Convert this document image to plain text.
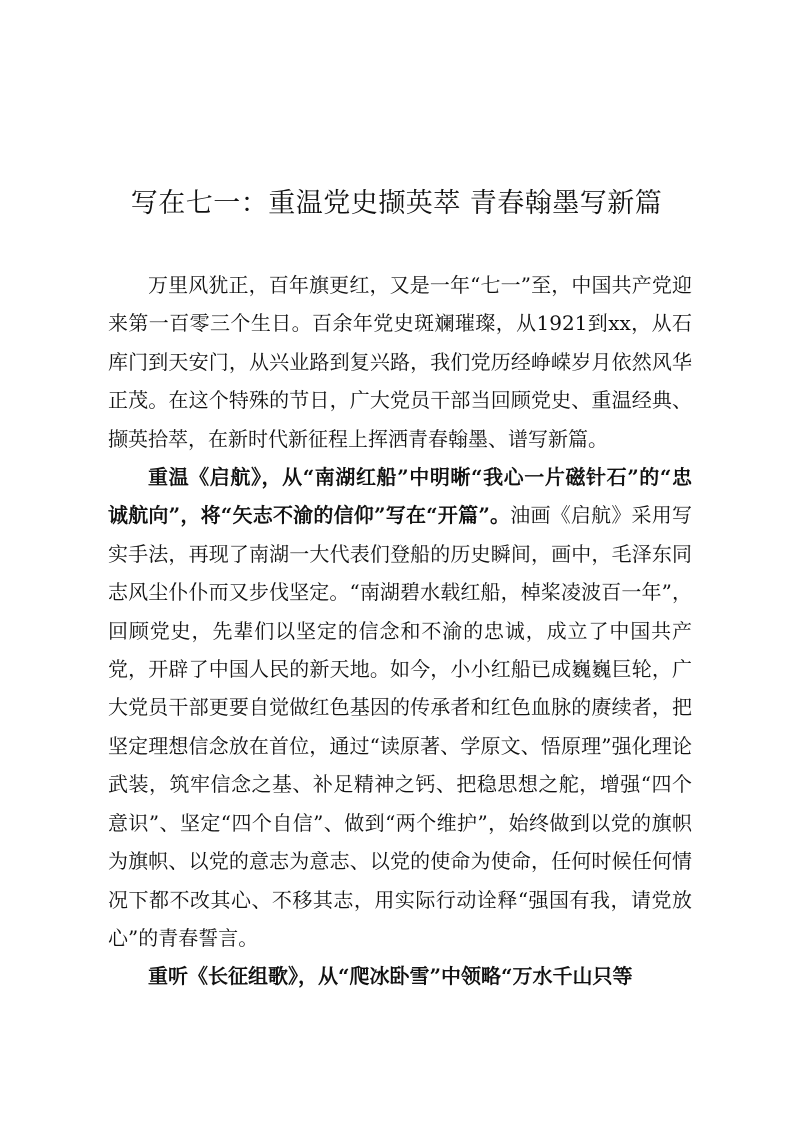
写在七一：重温党史撷英萃 青春翰墨写新篇

万里风犹正，百年旗更红，又是一年“七一”至，中国共产党迎来第一百零三个生日。百余年党史斑斓璀璨，从1921到xx，从石库门到天安门，从兴业路到复兴路，我们党历经峥嵘岁月依然风华正茂。在这个特殊的节日，广大党员干部当回顾党史、重温经典、撷英拾萃，在新时代新征程上挥洒青春翰墨、谱写新篇。

重温《启航》，从“南湖红船”中明晰“我心一片磁针石”的“忠诚航向”，将“矢志不渝的信仰”写在“开篇”。油画《启航》采用写实手法，再现了南湖一大代表们登船的历史瞬间，画中，毛泽东同志风尘仆仆而又步伐坚定。“南湖碧水载红船，棹桨凌波百一年”，回顾党史，先辈们以坚定的信念和不渝的忠诚，成立了中国共产党，开辟了中国人民的新天地。如今，小小红船已成巍巍巨轮，广大党员干部更要自觉做红色基因的传承者和红色血脉的赓续者，把坚定理想信念放在首位，通过“读原著、学原文、悟原理”强化理论武装，筑牢信念之基、补足精神之钙、把稳思想之舵，增强“四个意识”、坚定“四个自信”、做到“两个维护”，始终做到以党的旗帜为旗帜、以党的意志为意志、以党的使命为使命，任何时候任何情况下都不改其心、不移其志，用实际行动诠释“强国有我，请党放心”的青春誓言。

重听《长征组歌》，从“爬冰卧雪”中领略“万水千山只等
